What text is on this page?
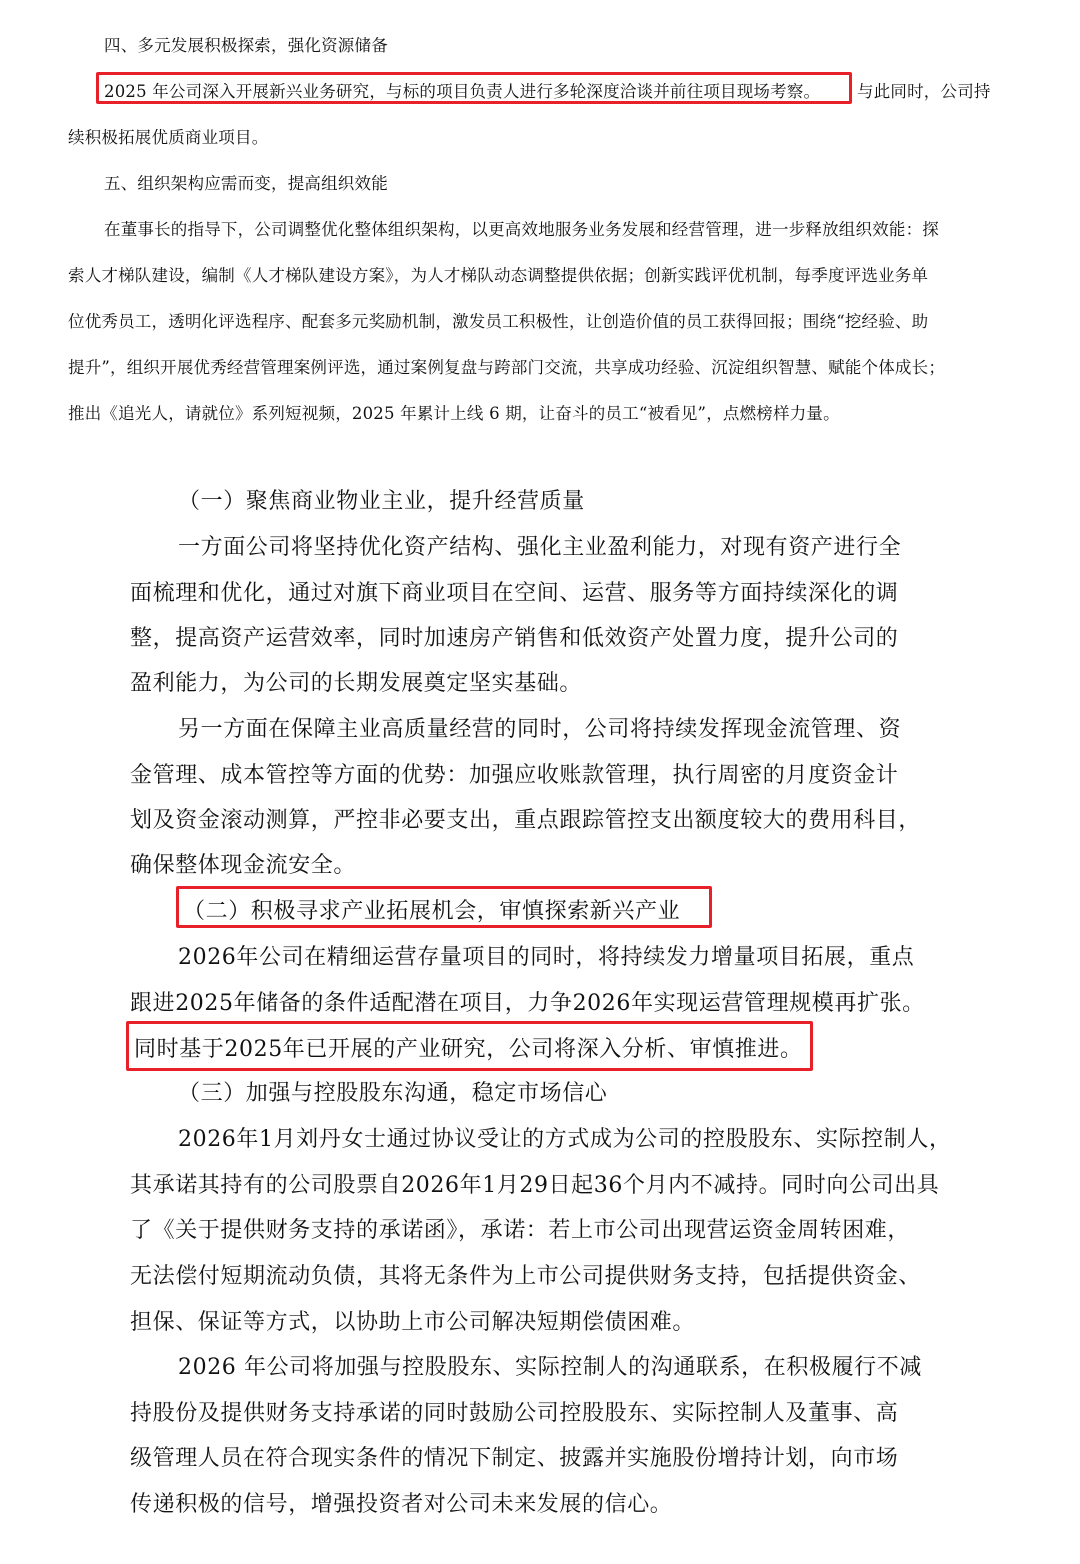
四、多元发展积极探索，强化资源储备

2025 年公司深入开展新兴业务研究，与标的项目负责人进行多轮深度洽谈并前往项目现场考察。 与此同时，公司持

续积极拓展优质商业项目。

五、组织架构应需而变，提高组织效能

在董事长的指导下，公司调整优化整体组织架构，以更高效地服务业务发展和经营管理，进一步释放组织效能：探

索人才梯队建设，编制《人才梯队建设方案》，为人才梯队动态调整提供依据；创新实践评优机制，每季度评选业务单

位优秀员工，透明化评选程序、配套多元奖励机制，激发员工积极性，让创造价值的员工获得回报；围绕“挖经验、助

提升”，组织开展优秀经营管理案例评选，通过案例复盘与跨部门交流，共享成功经验、沉淀组织智慧、赋能个体成长；

推出《追光人，请就位》系列短视频，2025 年累计上线 6 期，让奋斗的员工“被看见”，点燃榜样力量。

（一）聚焦商业物业主业，提升经营质量

一方面公司将坚持优化资产结构、强化主业盈利能力，对现有资产进行全

面梳理和优化，通过对旗下商业项目在空间、运营、服务等方面持续深化的调

整，提高资产运营效率，同时加速房产销售和低效资产处置力度，提升公司的

盈利能力，为公司的长期发展奠定坚实基础。

另一方面在保障主业高质量经营的同时，公司将持续发挥现金流管理、资

金管理、成本管控等方面的优势：加强应收账款管理，执行周密的月度资金计

划及资金滚动测算，严控非必要支出，重点跟踪管控支出额度较大的费用科目，

确保整体现金流安全。

（二）积极寻求产业拓展机会，审慎探索新兴产业

2026年公司在精细运营存量项目的同时，将持续发力增量项目拓展，重点

跟进2025年储备的条件适配潜在项目，力争2026年实现运营管理规模再扩张。

同时基于2025年已开展的产业研究，公司将深入分析、审慎推进。

（三）加强与控股股东沟通，稳定市场信心

2026年1月刘丹女士通过协议受让的方式成为公司的控股股东、实际控制人，

其承诺其持有的公司股票自2026年1月29日起36个月内不减持。同时向公司出具

了《关于提供财务支持的承诺函》，承诺：若上市公司出现营运资金周转困难，

无法偿付短期流动负债，其将无条件为上市公司提供财务支持，包括提供资金、

担保、保证等方式，以协助上市公司解决短期偿债困难。

2026 年公司将加强与控股股东、实际控制人的沟通联系，在积极履行不减

持股份及提供财务支持承诺的同时鼓励公司控股股东、实际控制人及董事、高

级管理人员在符合现实条件的情况下制定、披露并实施股份增持计划，向市场

传递积极的信号，增强投资者对公司未来发展的信心。
